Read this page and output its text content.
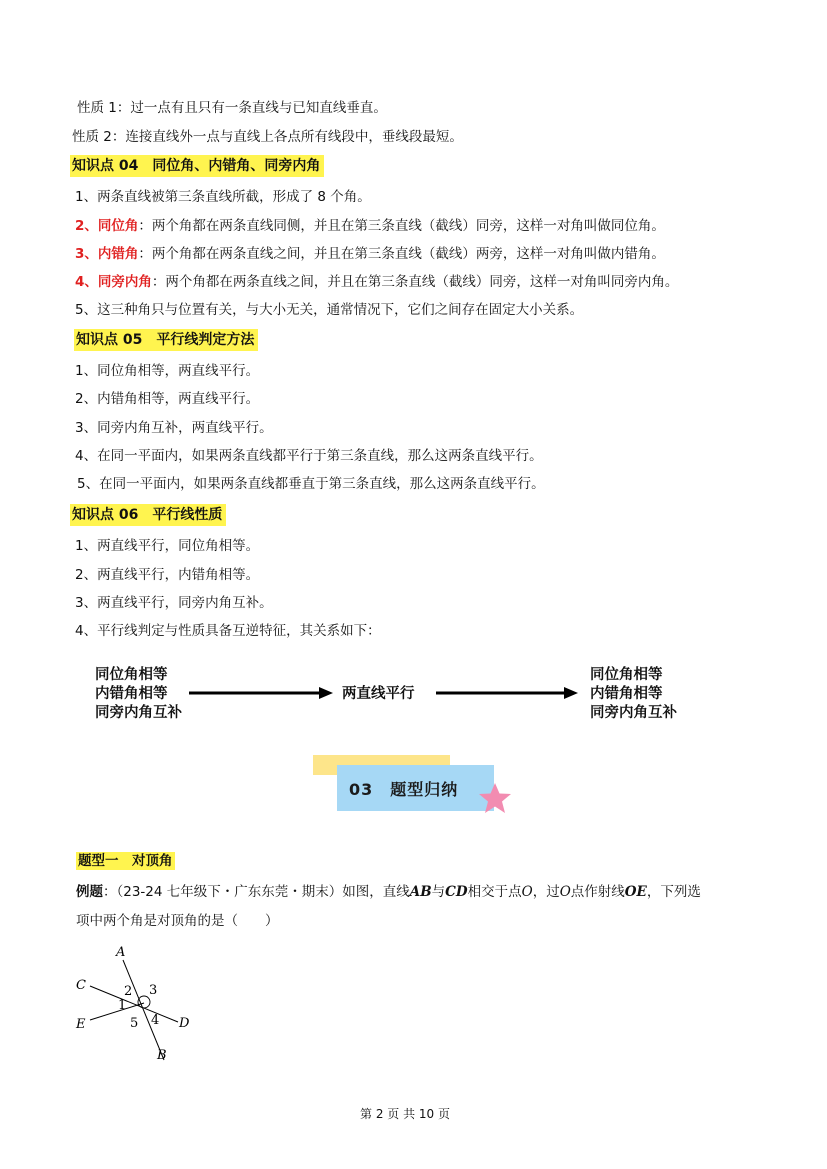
性质 1：过一点有且只有一条直线与已知直线垂直。
性质 2：连接直线外一点与直线上各点所有线段中，垂线段最短。
知识点 04　同位角、内错角、同旁内角
1、两条直线被第三条直线所截，形成了 8 个角。
2、同位角：两个角都在两条直线同侧，并且在第三条直线（截线）同旁，这样一对角叫做同位角。
3、内错角：两个角都在两条直线之间，并且在第三条直线（截线）两旁，这样一对角叫做内错角。
4、同旁内角：两个角都在两条直线之间，并且在第三条直线（截线）同旁，这样一对角叫同旁内角。
5、这三种角只与位置有关，与大小无关，通常情况下，它们之间存在固定大小关系。
知识点 05　平行线判定方法
1、同位角相等，两直线平行。
2、内错角相等，两直线平行。
3、同旁内角互补，两直线平行。
4、在同一平面内，如果两条直线都平行于第三条直线，那么这两条直线平行。
5、在同一平面内，如果两条直线都垂直于第三条直线，那么这两条直线平行。
知识点 06　平行线性质
1、两直线平行，同位角相等。
2、两直线平行，内错角相等。
3、两直线平行，同旁内角互补。
4、平行线判定与性质具备互逆特征，其关系如下：
同位角相等
内错角相等
同旁内角互补
两直线平行
同位角相等
内错角相等
同旁内角互补
03　题型归纳
题型一　对顶角
例题：（23-24 七年级下・广东东莞・期末）如图，直线AB与CD相交于点O，过O点作射线OE，下列选
项中两个角是对顶角的是（　　）
A
B
C
D
E
1
2 3
4
5
第 2 页 共 10 页
